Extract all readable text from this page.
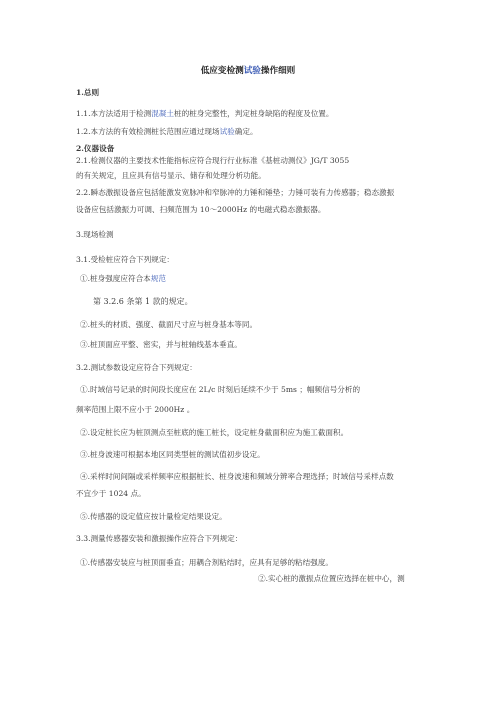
低应变检测试验操作细则
1.总则
1.1.本方法适用于检测混凝土桩的桩身完整性，判定桩身缺陷的程度及位置。
1.2.本方法的有效检测桩长范围应通过现场试验确定。
2.仪器设备
2.1.检测仪器的主要技术性能指标应符合现行行业标准《基桩动测仪》JG/T 3055
的有关规定，且应具有信号显示、储存和处理分析功能。
2.2.瞬态激振设备应包括能激发宽脉冲和窄脉冲的力锤和锤垫；力锤可装有力传感器；稳态激振
设备应包括激振力可调、扫频范围为 10～2000Hz 的电磁式稳态激振器。
3.现场检测
3.1.受检桩应符合下列规定：
①.桩身强度应符合本规范
第 3.2.6 条第 1 款的规定。
②.桩头的材质、强度、截面尺寸应与桩身基本等同。
③.桩顶面应平整、密实，并与桩轴线基本垂直。
3.2.测试参数设定应符合下列规定：
①.时域信号记录的时间段长度应在 2L/c 时刻后延续不少于 5ms ；幅频信号分析的
频率范围上限不应小于 2000Hz 。
②.设定桩长应为桩顶测点至桩底的施工桩长，设定桩身截面积应为施工截面积。
③.桩身波速可根据本地区同类型桩的测试值初步设定。
④.采样时间间隔或采样频率应根据桩长、桩身波速和频域分辨率合理选择；时域信号采样点数
不宜少于 1024 点。
⑤.传感器的设定值应按计量检定结果设定。
3.3.测量传感器安装和激振操作应符合下列规定：
①.传感器安装应与桩顶面垂直；用耦合剂粘结时，应具有足够的粘结强度。
②.实心桩的激振点位置应选择在桩中心，测
